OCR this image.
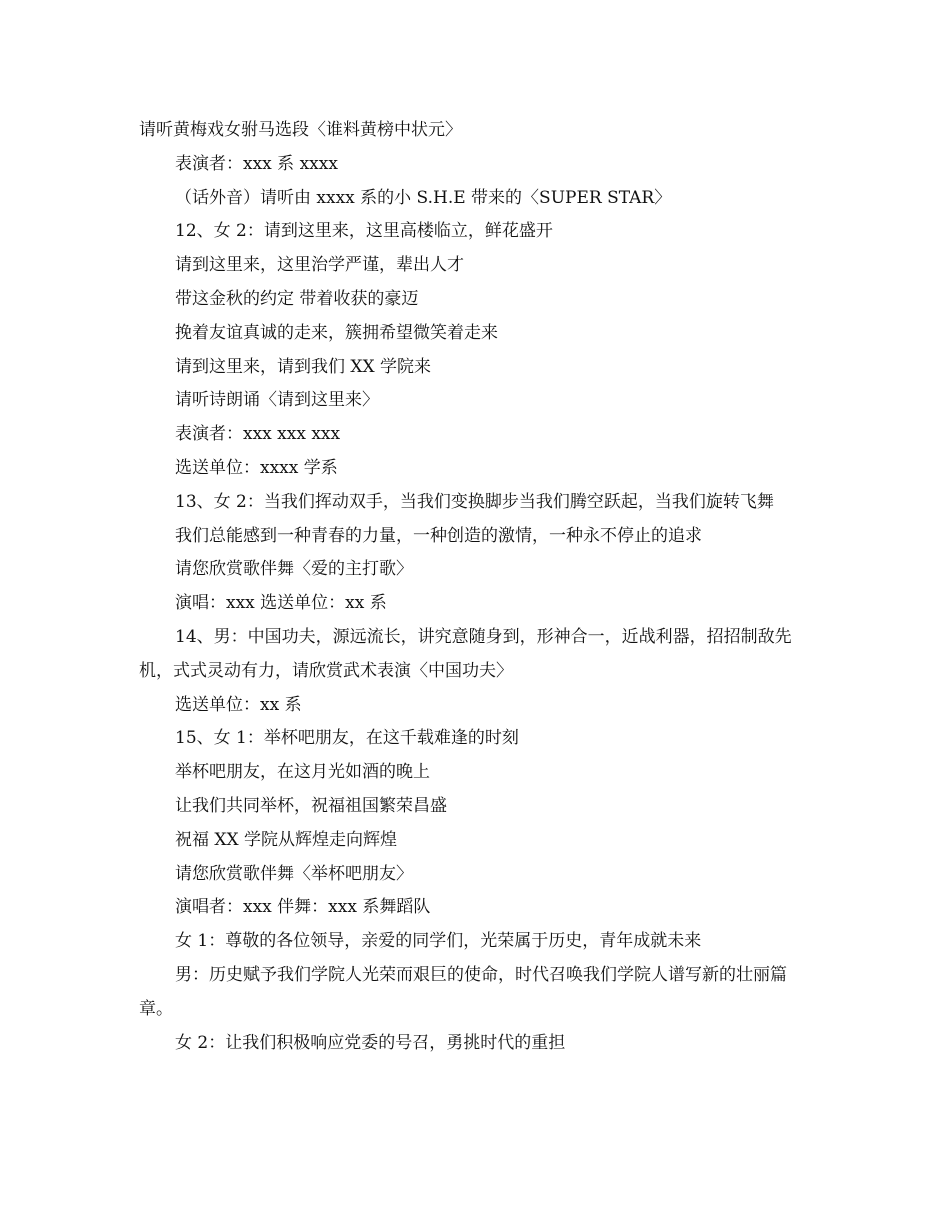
请听黄梅戏女驸马选段〈谁料黄榜中状元〉

表演者：xxx 系 xxxx

（话外音）请听由 xxxx 系的小 S.H.E 带来的〈SUPER STAR〉

12、女 2：请到这里来，这里高楼临立，鲜花盛开

请到这里来，这里治学严谨，辈出人才

带这金秋的约定 带着收获的豪迈

挽着友谊真诚的走来，簇拥希望微笑着走来

请到这里来，请到我们 XX 学院来

请听诗朗诵〈请到这里来〉

表演者：xxx xxx xxx

选送单位：xxxx 学系

13、女 2：当我们挥动双手，当我们变换脚步当我们腾空跃起，当我们旋转飞舞

我们总能感到一种青春的力量，一种创造的激情，一种永不停止的追求

请您欣赏歌伴舞〈爱的主打歌〉

演唱：xxx 选送单位：xx 系

14、男：中国功夫，源远流长，讲究意随身到，形神合一，近战利器，招招制敌先机，式式灵动有力，请欣赏武术表演〈中国功夫〉

选送单位：xx 系

15、女 1：举杯吧朋友，在这千载难逢的时刻

举杯吧朋友，在这月光如酒的晚上

让我们共同举杯，祝福祖国繁荣昌盛

祝福 XX 学院从辉煌走向辉煌

请您欣赏歌伴舞〈举杯吧朋友〉

演唱者：xxx 伴舞：xxx 系舞蹈队

女 1：尊敬的各位领导，亲爱的同学们，光荣属于历史，青年成就未来

男：历史赋予我们学院人光荣而艰巨的使命，时代召唤我们学院人谱写新的壮丽篇章。

女 2：让我们积极响应党委的号召，勇挑时代的重担
